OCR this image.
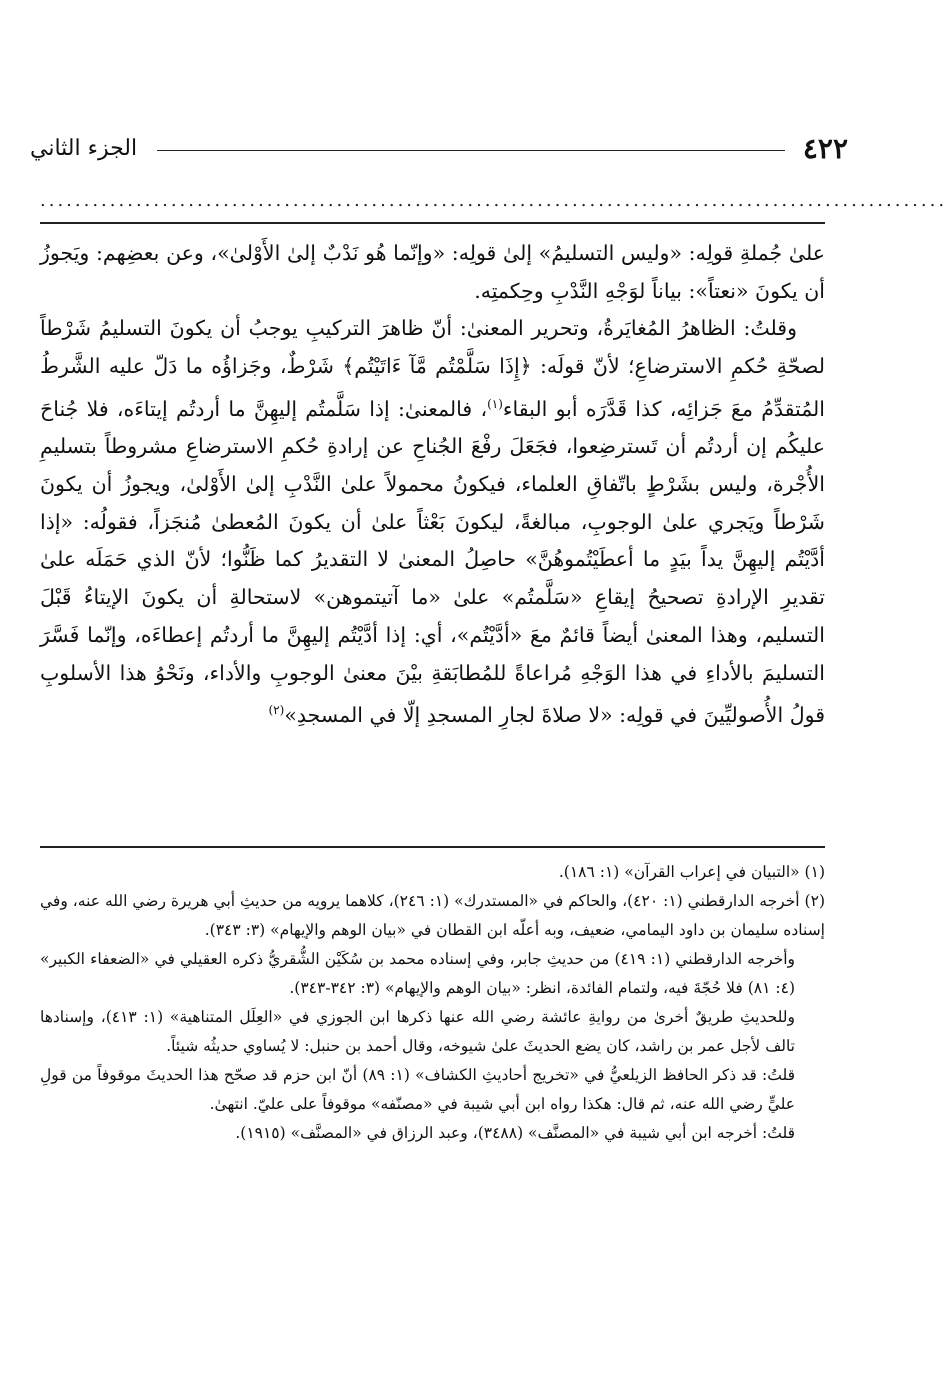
الجزء الثاني	٤٢٢
........................................................................................................

علىٰ جُملةِ قولِه: «وليس التسليمُ» إلىٰ قولِه: «وإنّما هُو نَدْبٌ إلىٰ الأَوْلىٰ»، وعن بعضِهم: ويَجوزُ أن يكونَ «نعتاً»: بياناً لوَجْهِ النَّدْبِ وحِكمتِه.

وقلتُ: الظاهرُ المُغايَرةُ، وتحرير المعنىٰ: أنّ ظاهرَ التركيبِ يوجبُ أن يكونَ التسليمُ شَرْطاً لصحّةِ حُكمِ الاسترضاعِ؛ لأنّ قولَه: ﴿إِذَا سَلَّمْتُم مَّآ ءَاتَيْتُم﴾ شَرْطٌ، وجَزاؤُه ما دَلّ عليه الشَّرطُ المُتقدِّمُ معَ جَزائِه، كذا قَدَّرَه أبو البقاء$^{(١)}$، فالمعنىٰ: إذا سَلَّمتُم إليهِنَّ ما أردتُم إيتاءَه، فلا جُناحَ عليكُم إن أردتُم أن تَسترضِعوا، فجَعَلَ رفْعَ الجُناحِ عن إرادةِ حُكمِ الاسترضاعِ مشروطاً بتسليمِ الأُجْرة، وليس بشَرْطٍ باتّفاقِ العلماء، فيكونُ محمولاً علىٰ النَّدْبِ إلىٰ الأَوْلىٰ، ويجوزُ أن يكونَ شَرْطاً ويَجري علىٰ الوجوبِ، مبالغةً، ليكونَ بَعْثاً علىٰ أن يكونَ المُعطىٰ مُنجَزاً، فقولُه: «إذا أدَّيْتُم إليهِنَّ يداً بيَدٍ ما أعطَيْتُموهُنَّ» حاصِلُ المعنىٰ لا التقديرُ كما ظَنُّوا؛ لأنّ الذي حَمَلَه علىٰ تقديرِ الإرادةِ تصحيحُ إيقاعِ «سَلَّمتُم» علىٰ «ما آتيتموهن» لاستحالةِ أن يكونَ الإيتاءُ قَبْلَ التسليم، وهذا المعنىٰ أيضاً قائمٌ معَ «أدَّيْتُم»، أي: إذا أدَّيْتُم إليهِنَّ ما أردتُم إعطاءَه، وإنّما فَسَّرَ التسليمَ بالأداءِ في هذا الوَجْهِ مُراعاةً للمُطابَقةِ بيْنَ معنىٰ الوجوبِ والأداء، ونَحْوُ هذا الأسلوبِ قولُ الأُصوليِّينَ في قولِه: «لا صلاةَ لجارِ المسجدِ إلّا في المسجدِ»$^{(٢)}$

(١) «التبيان في إعراب القرآن» (١: ١٨٦).

(٢) أخرجه الدارقطني (١: ٤٢٠)، والحاكم في «المستدرك» (١: ٢٤٦)، كلاهما يرويه من حديثِ أبي هريرة رضي الله عنه، وفي إسناده سليمان بن داود اليمامي، ضعيف، وبه أعلّه ابن القطان في «بيان الوهم والإيهام» (٣: ٣٤٣).

وأخرجه الدارقطني (١: ٤١٩) من حديثِ جابر، وفي إسناده محمد بن سُكَيْن الشُّقريُّ ذكره العقيلي في «الضعفاء الكبير» (٤: ٨١) فلا حُجّةَ فيه، ولتمام الفائدة، انظر: «بيان الوهم والإيهام» (٣: ٣٤٢-٣٤٣).

وللحديثِ طريقٌ أخرىٰ من روايةِ عائشة رضي الله عنها ذكرها ابن الجوزي في «العِلَل المتناهية» (١: ٤١٣)، وإسنادها تالف لأجل عمر بن راشد، كان يضع الحديثَ علىٰ شيوخه، وقال أحمد بن حنبل: لا يُساوي حديثُه شيئاً.

قلتُ: قد ذكر الحافظ الزيلعيُّ في «تخريج أحاديثِ الكشاف» (١: ٨٩) أنّ ابن حزم قد صحّح هذا الحديثَ موقوفاً من قولِ عليٍّ رضي الله عنه، ثم قال: هكذا رواه ابن أبي شيبة في «مصنّفه» موقوفاً على عليّ. انتهىٰ.

قلتُ: أخرجه ابن أبي شيبة في «المصنَّف» (٣٤٨٨)، وعبد الرزاق في «المصنَّف» (١٩١٥).
